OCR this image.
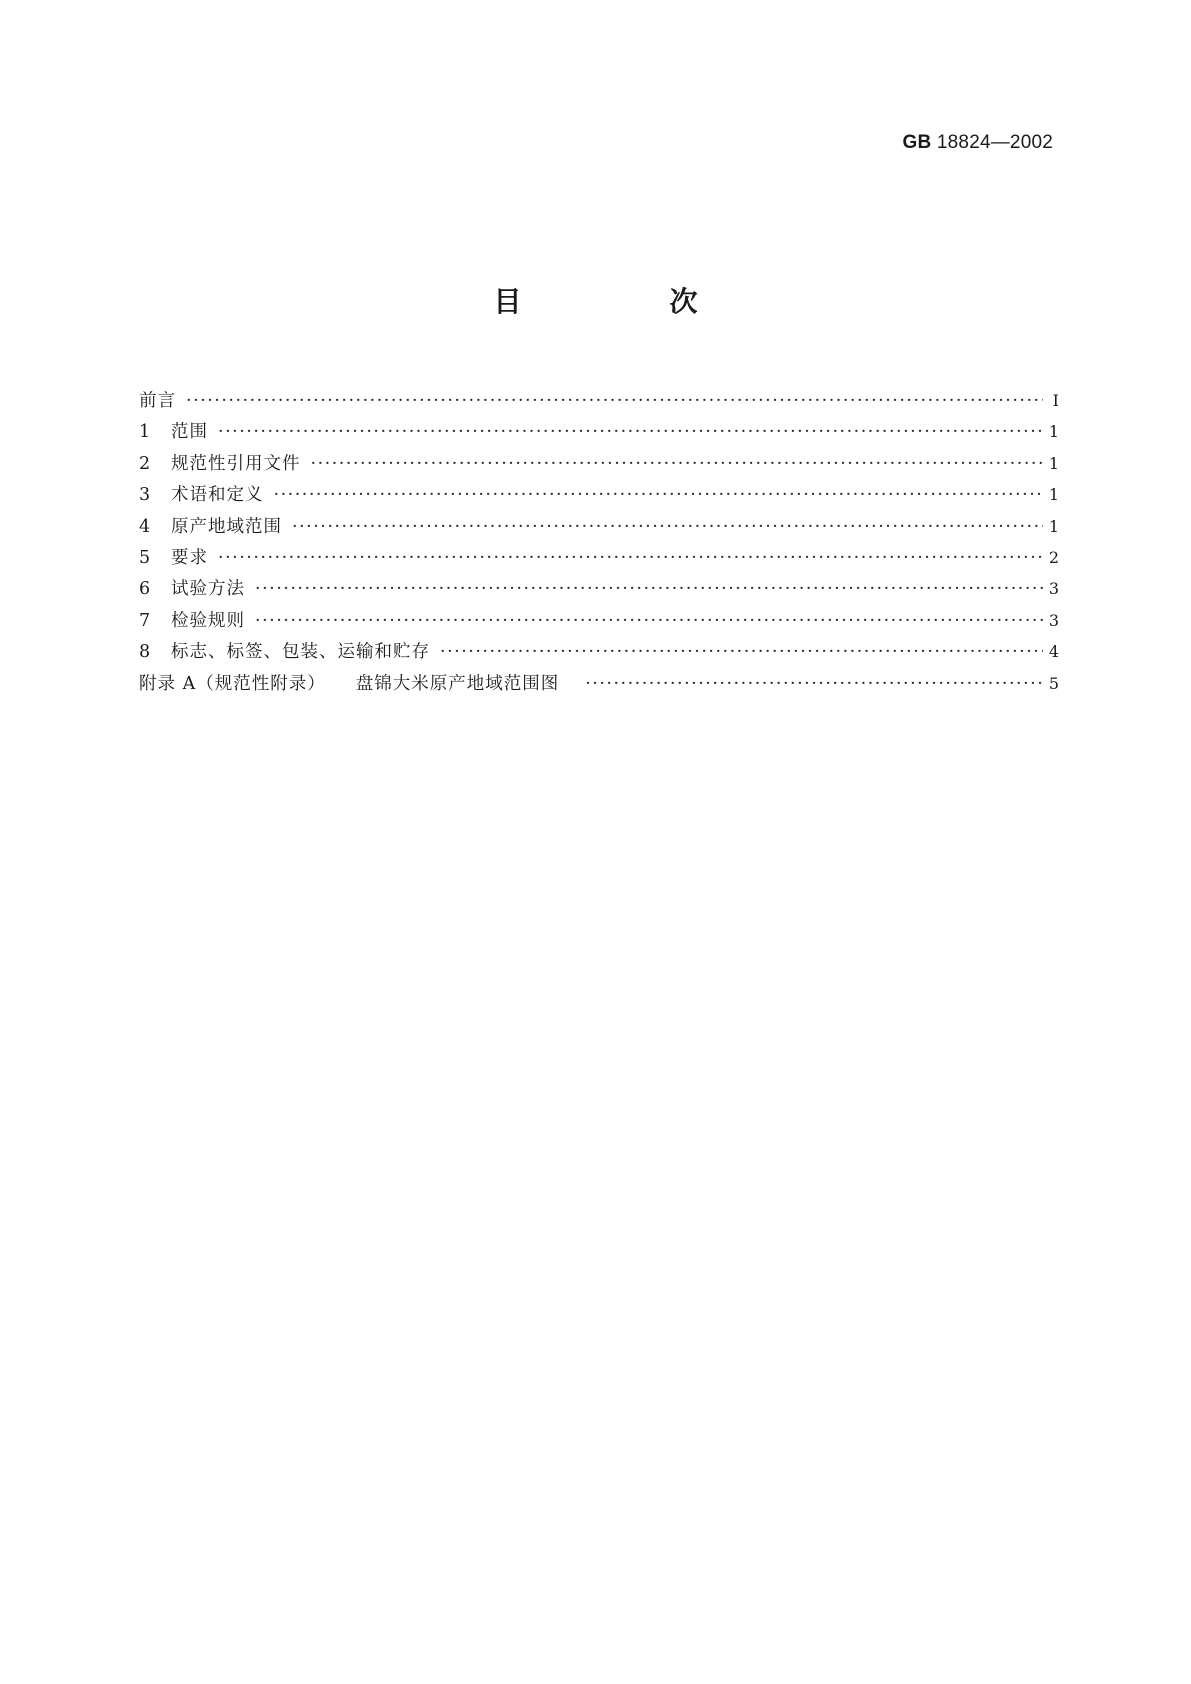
GB 18824—2002
目　次
前言 ·····	Ⅰ
1	范围 ·····	1
2	规范性引用文件 ·····	1
3	术语和定义 ·····	1
4	原产地域范围 ·····	1
5	要求 ·····	2
6	试验方法 ·····	3
7	检验规则 ·····	3
8	标志、标签、包装、运输和贮存 ·····	4
附录 A（规范性附录） 盘锦大米原产地域范围图 ·····	5
